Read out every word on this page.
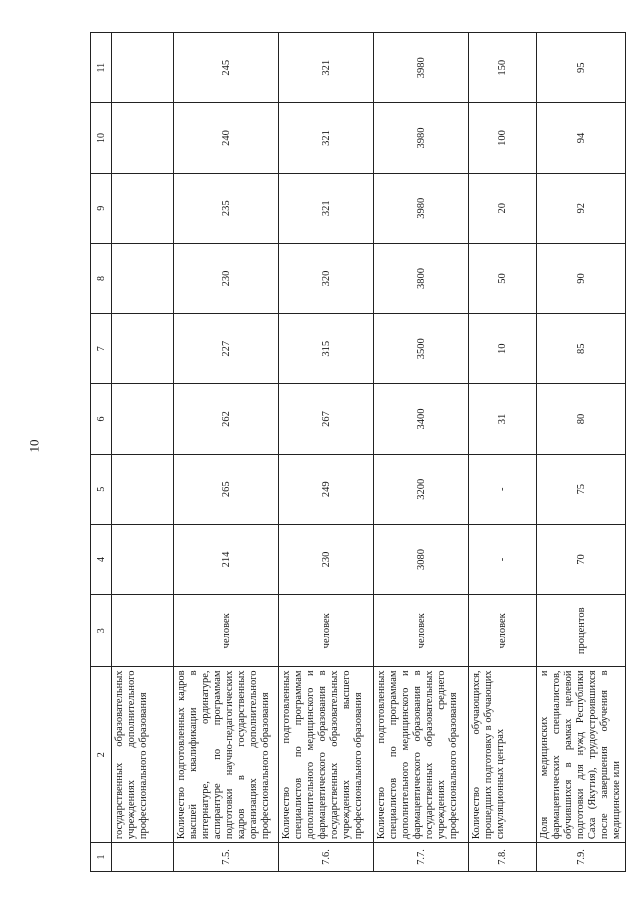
10
1	2	3	4	5	6	7	8	9	10	11
	государственных образовательных учреждениях дополнительного профессионального образования									
7.5.	Количество подготовленных кадров высшей квалификации в интернатуре, ординатуре, аспирантуре по программам подготовки научно-педагогических кадров в государственных организациях дополнительного профессионального образования	человек	214	265	262	227	230	235	240	245
7.6.	Количество подготовленных специалистов по программам дополнительного медицинского и фармацевтического образования в государственных образовательных учреждениях высшего профессионального образования	человек	230	249	267	315	320	321	321	321
7.7.	Количество подготовленных специалистов по программам дополнительного медицинского и фармацевтического образования в государственных образовательных учреждениях среднего профессионального образования	человек	3080	3200	3400	3500	3800	3980	3980	3980
7.8.	Количество обучающихся, прошедших подготовку в обучающих симуляционных центрах	человек	-	-	31	10	50	20	100	150
7.9.	Доля медицинских и фармацевтических специалистов, обучившихся в рамках целевой подготовки для нужд Республики Саха (Якутия), трудоустроившихся после завершения обучения в медицинские или	процентов	70	75	80	85	90	92	94	95
